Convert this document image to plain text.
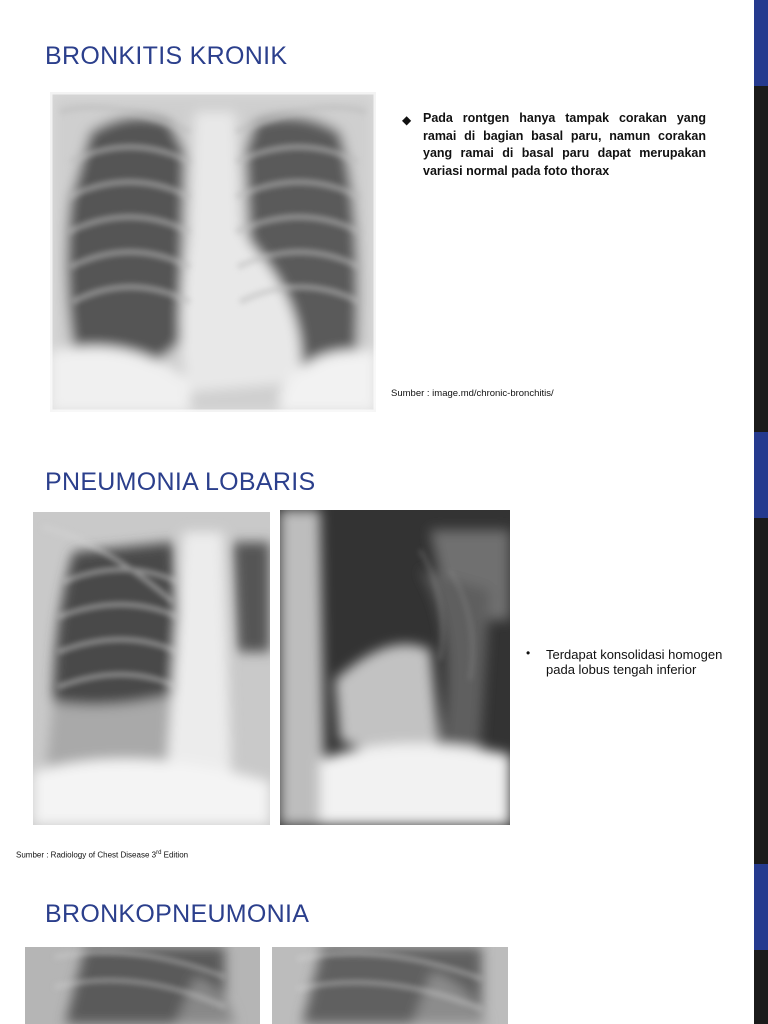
BRONKITIS KRONIK
◆ Pada rontgen hanya tampak corakan yang ramai di bagian basal paru, namun corakan yang ramai di basal paru dapat merupakan variasi normal pada foto thorax

Sumber : image.md/chronic-bronchitis/

PNEUMONIA LOBARIS
• Terdapat konsolidasi homogen pada lobus tengah inferior

Sumber : Radiology of Chest Disease 3rd Edition

BRONKOPNEUMONIA
